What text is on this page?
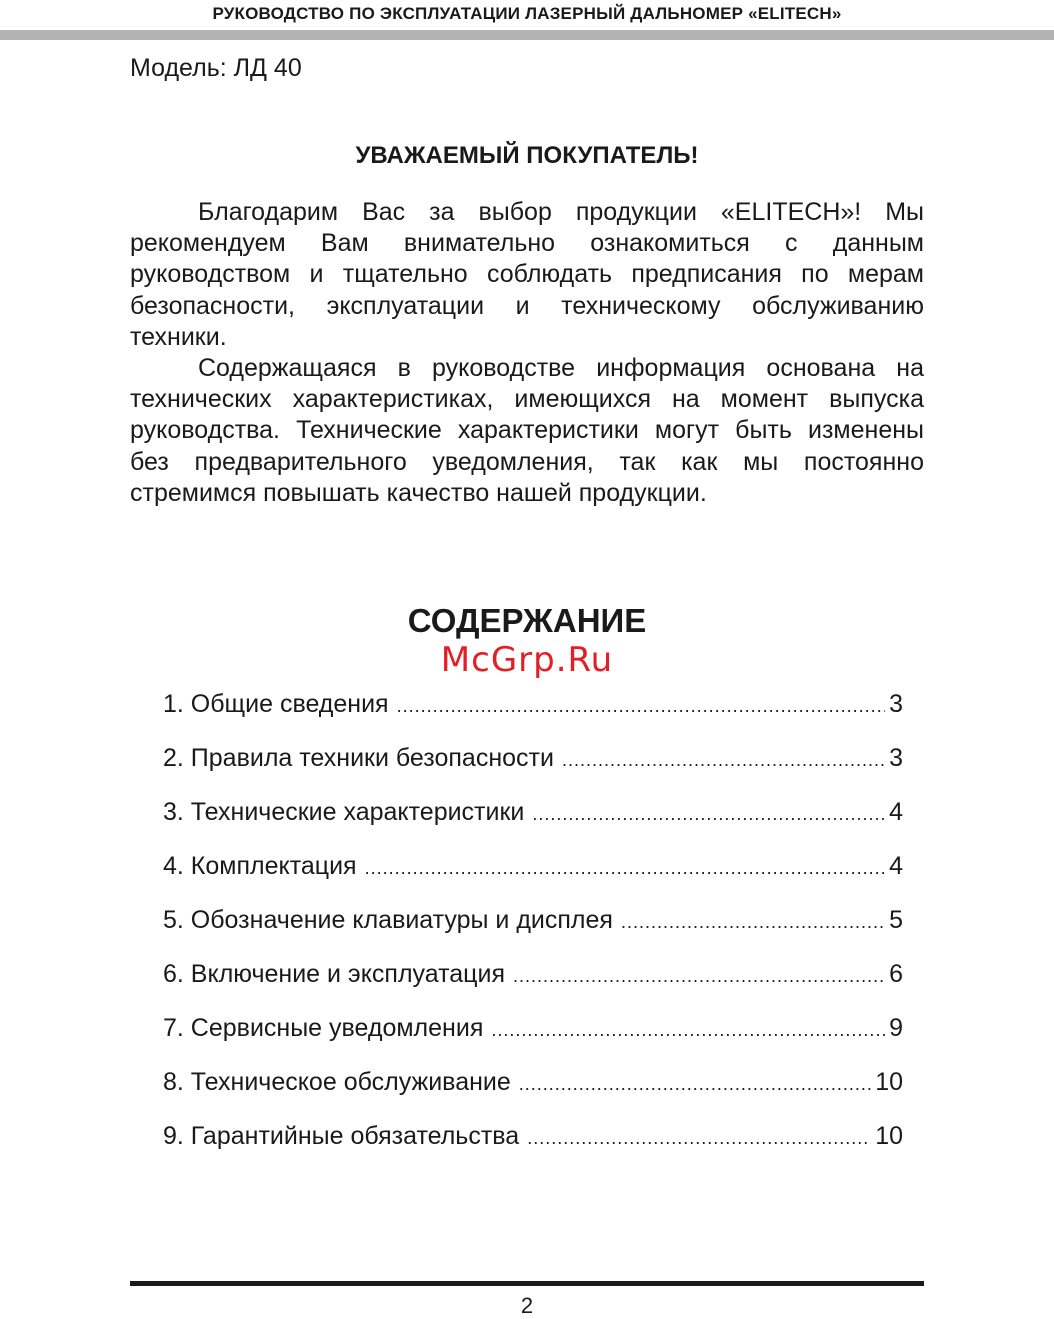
РУКОВОДСТВО ПО ЭКСПЛУАТАЦИИ ЛАЗЕРНЫЙ ДАЛЬНОМЕР «ELITECH»
Модель: ЛД 40
УВАЖАЕМЫЙ ПОКУПАТЕЛЬ!

Благодарим Вас за выбор продукции «ELITECH»! Мы рекомендуем Вам внимательно ознакомиться с данным руководством и тщательно соблюдать предписания по мерам безопасности, эксплуатации и техническому обслуживанию техники.

Содержащаяся в руководстве информация основана на технических характеристиках, имеющихся на момент выпуска руководства. Технические характеристики могут быть изменены без предварительного уведомления, так как мы постоянно стремимся повышать качество нашей продукции.

СОДЕРЖАНИЕ
McGrp.Ru
1. Общие сведения .....	3
2. Правила техники безопасности .....	3
3. Технические характеристики .....	4
4. Комплектация .....	4
5. Обозначение клавиатуры и дисплея .....	5
6. Включение и эксплуатация .....	6
7. Сервисные уведомления .....	9
8. Техническое обслуживание .....	10
9. Гарантийные обязательства .....	10
2
